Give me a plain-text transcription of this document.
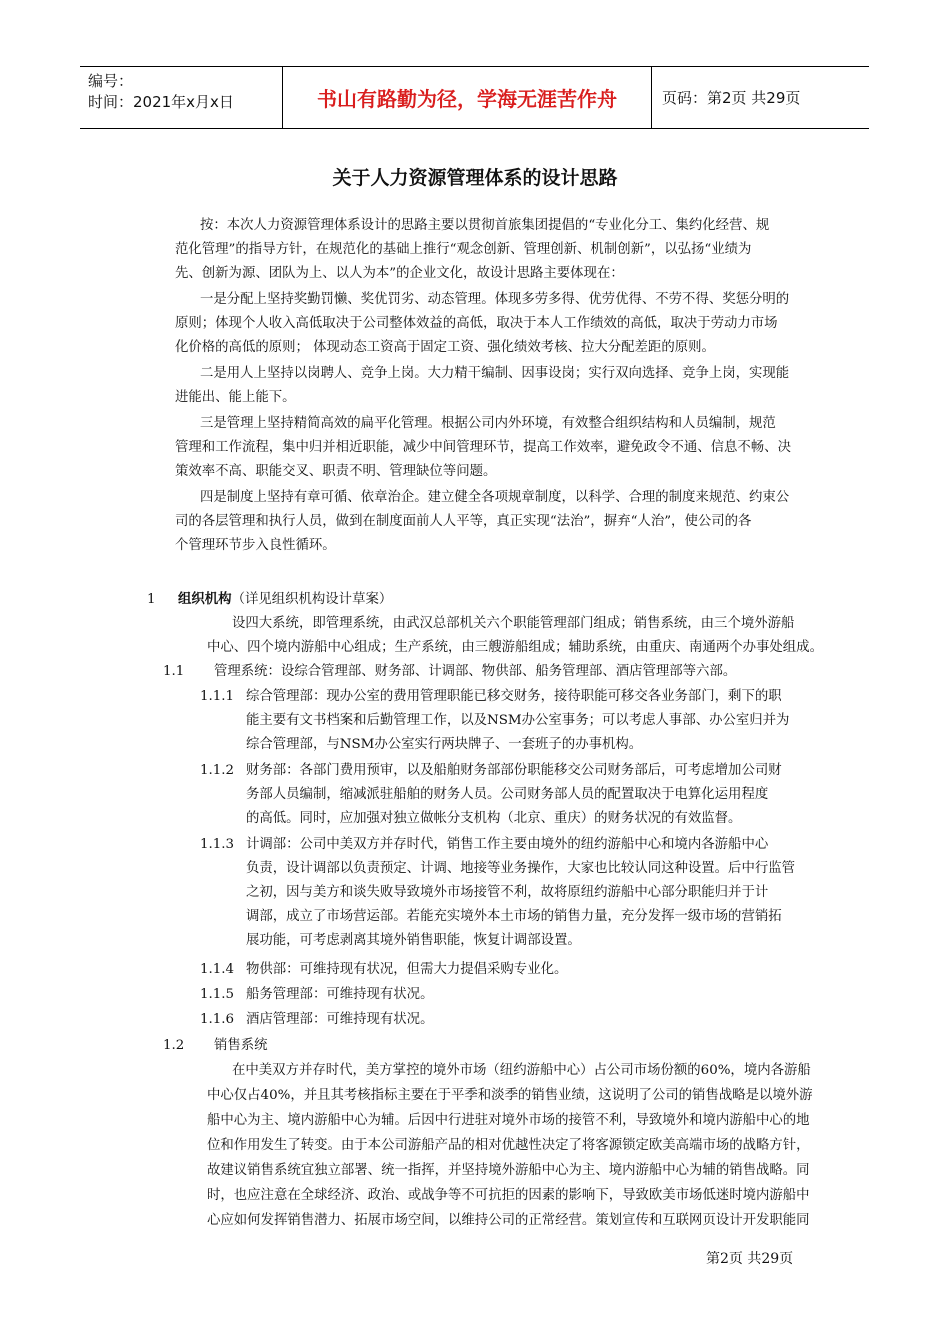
编号：
时间：2021年x月x日	书山有路勤为径，学海无涯苦作舟	页码：第2页 共29页
关于人力资源管理体系的设计思路
按：本次人力资源管理体系设计的思路主要以贯彻首旅集团提倡的“专业化分工、集约化经营、规
范化管理”的指导方针，在规范化的基础上推行“观念创新、管理创新、机制创新”，以弘扬“业绩为
先、创新为源、团队为上、以人为本”的企业文化，故设计思路主要体现在：
一是分配上坚持奖勤罚懒、奖优罚劣、动态管理。体现多劳多得、优劳优得、不劳不得、奖惩分明的
原则；体现个人收入高低取决于公司整体效益的高低，取决于本人工作绩效的高低，取决于劳动力市场
化价格的高低的原则； 体现动态工资高于固定工资、强化绩效考核、拉大分配差距的原则。
二是用人上坚持以岗聘人、竞争上岗。大力精干编制、因事设岗；实行双向选择、竞争上岗，实现能
进能出、能上能下。
三是管理上坚持精简高效的扁平化管理。根据公司内外环境，有效整合组织结构和人员编制，规范
管理和工作流程，集中归并相近职能，减少中间管理环节，提高工作效率，避免政令不通、信息不畅、决
策效率不高、职能交叉、职责不明、管理缺位等问题。
四是制度上坚持有章可循、依章治企。建立健全各项规章制度，以科学、合理的制度来规范、约束公
司的各层管理和执行人员，做到在制度面前人人平等，真正实现“法治”，摒弃“人治”，使公司的各
个管理环节步入良性循环。
1 组织机构（详见组织机构设计草案）
设四大系统，即管理系统，由武汉总部机关六个职能管理部门组成；销售系统，由三个境外游船
中心、四个境内游船中心组成；生产系统，由三艘游船组成；辅助系统，由重庆、南通两个办事处组成。
1.1 管理系统：设综合管理部、财务部、计调部、物供部、船务管理部、酒店管理部等六部。
1.1.1 综合管理部：现办公室的费用管理职能已移交财务，接待职能可移交各业务部门，剩下的职
能主要有文书档案和后勤管理工作，以及NSM办公室事务；可以考虑人事部、办公室归并为
综合管理部，与NSM办公室实行两块牌子、一套班子的办事机构。
1.1.2 财务部：各部门费用预审，以及船舶财务部部份职能移交公司财务部后，可考虑增加公司财
务部人员编制，缩减派驻船舶的财务人员。公司财务部人员的配置取决于电算化运用程度
的高低。同时，应加强对独立做帐分支机构（北京、重庆）的财务状况的有效监督。
1.1.3 计调部：公司中美双方并存时代，销售工作主要由境外的纽约游船中心和境内各游船中心
负责，设计调部以负责预定、计调、地接等业务操作，大家也比较认同这种设置。后中行监管
之初，因与美方和谈失败导致境外市场接管不利，故将原纽约游船中心部分职能归并于计
调部，成立了市场营运部。若能充实境外本土市场的销售力量，充分发挥一级市场的营销拓
展功能，可考虑剥离其境外销售职能，恢复计调部设置。
1.1.4 物供部：可维持现有状况，但需大力提倡采购专业化。
1.1.5 船务管理部：可维持现有状况。
1.1.6 酒店管理部：可维持现有状况。
1.2 销售系统
在中美双方并存时代，美方掌控的境外市场（纽约游船中心）占公司市场份额的60%，境内各游船
中心仅占40%，并且其考核指标主要在于平季和淡季的销售业绩，这说明了公司的销售战略是以境外游
船中心为主、境内游船中心为辅。后因中行进驻对境外市场的接管不利，导致境外和境内游船中心的地
位和作用发生了转变。由于本公司游船产品的相对优越性决定了将客源锁定欧美高端市场的战略方针，
故建议销售系统宜独立部署、统一指挥，并坚持境外游船中心为主、境内游船中心为辅的销售战略。同
时，也应注意在全球经济、政治、或战争等不可抗拒的因素的影响下，导致欧美市场低迷时境内游船中
心应如何发挥销售潜力、拓展市场空间，以维持公司的正常经营。策划宣传和互联网页设计开发职能同
第2页 共29页
